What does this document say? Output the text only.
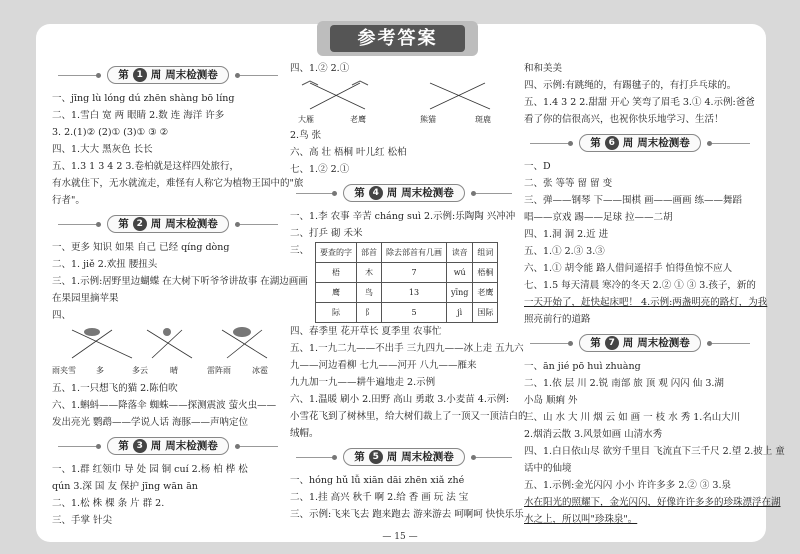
参考答案
第 1 周 周末检测卷
一、jīng lù lóng dú zhēn shàng bō líng
二、1.雪白 宽 两 眼睛 2.数 连 海洋 许多
3. 2.(1)② (2)① (3)① ③ ②
四、1.大大 黑灰色 长长
五、1.3 1 3 4 2 3.卷柏就是这样四处旅行，
有水就住下，无水就流走，难怪有人称它为植物王国中的"旅
行者"。
第 2 周 周末检测卷
一、更多 知识 如果 自己 已经 qíng dòng
二、1. jiě 2.欢扭 腰扭头
三、1.示例:居野里边蝴蝶 在大树下听爷爷讲故事 在湖边画画
在果园里摘苹果
四、
雨夹雪	多	多云	晴	雷阵雨	冰雹
五、1.一只想飞的猫 2.陈伯吹
六、1.蝌蚪——降落伞 蜘蛛——探测震波 萤火虫——
发出亮光 鹦鹉——学说人话 海豚——声呐定位
第 3 周 周末检测卷
一、1.群 红领巾 导 处 园 铜 cuí 2.杨 柏 桦 松
qún 3.深 国 友 保护 jīng wān ān
二、1.松 株 棵 条 片 群 2.
三、手掌 针尖
四、1.② 2.①
大雁	老鹰	熊猫	斑鹿
2.鸟 张
六、高 壮 梧桐 叶儿红 松柏
七、1.② 2.①
第 4 周 周末检测卷
一、1.李 农事 辛苦 cháng suì 2.示例:乐陶陶 兴冲冲
二、打乒 砌 禾米
三、 要查的字	部首	除去部首有几画	读音	组词
梧	木	7	wú	梧桐
鹰	鸟	13	yīng	老鹰
际	阝	5	jì	国际
四、春季里 花开草长 夏季里 农事忙
五、1.一九二九——不出手 三九四九——冰上走 五九六
九——河边看柳 七九——河开 八九——雁来
九九加一九——耕牛遍地走 2.示例
六、1.温暖 刷小 2.田野 高山 勇敢 3.小麦苗 4.示例:
小雪花飞到了树林里，给大树们裁上了一顶又一顶洁白的
绒帽。
第 5 周 周末检测卷
一、hóng hǔ lǚ xiān dāi zhēn xiǎ zhé
二、1.挂 高兴 秋千 啊 2.给 香 画 玩 法 宝
三、示例:飞来飞去 跑来跑去 游来游去 呵啊呵 快快乐乐
和和美美
四、示例:有跳绳的，有踢毽子的，有打乒乓球的。
五、1.4 3 2 2.甜甜 开心 笑弯了眉毛 3.① 4.示例:爸爸
看了你的信很高兴，也祝你快乐地学习、生活！
第 6 周 周末检测卷
一、D
二、张 等等 留 留 变
三、弹——钢琴 下——围棋 画——画画 练——舞蹈
唱——京戏 踢——足球 拉——二胡
四、1.洞 洞 2.近 进
五、1.① 2.③ 3.③
六、1.① 胡令能 路人借问遥招手 怕得鱼惊不应人
七、1.5 每天清晨 寒冷的冬天 2.② ① ③ 3.孩子，新的
一天开始了，赶快起床吧！ 4.示例:两盏明亮的路灯，为我
照亮前行的道路
第 7 周 周末检测卷
一、ān jié pō huì zhuàng
二、1.依 层 川 2.锐 南部 旅 顶 观 闪闪 仙 3.湖
小岛 顺痢 外
三、山 水 大 川 烟 云 如 画 一 枝 水 秀 1.名山大川
2.烟消云散 3.风景如画 山清水秀
四、1.白日依山尽 欲穷千里目 飞流直下三千尺 2.望 2.披上 童
话中的仙境
五、1.示例:金光闪闪 小小 许许多多 2.② ③ 3.泉
水在阳光的照耀下，金光闪闪，好像许许多多的珍珠漂浮在湖
水之上，所以叫"珍珠泉"。
— 15 —
